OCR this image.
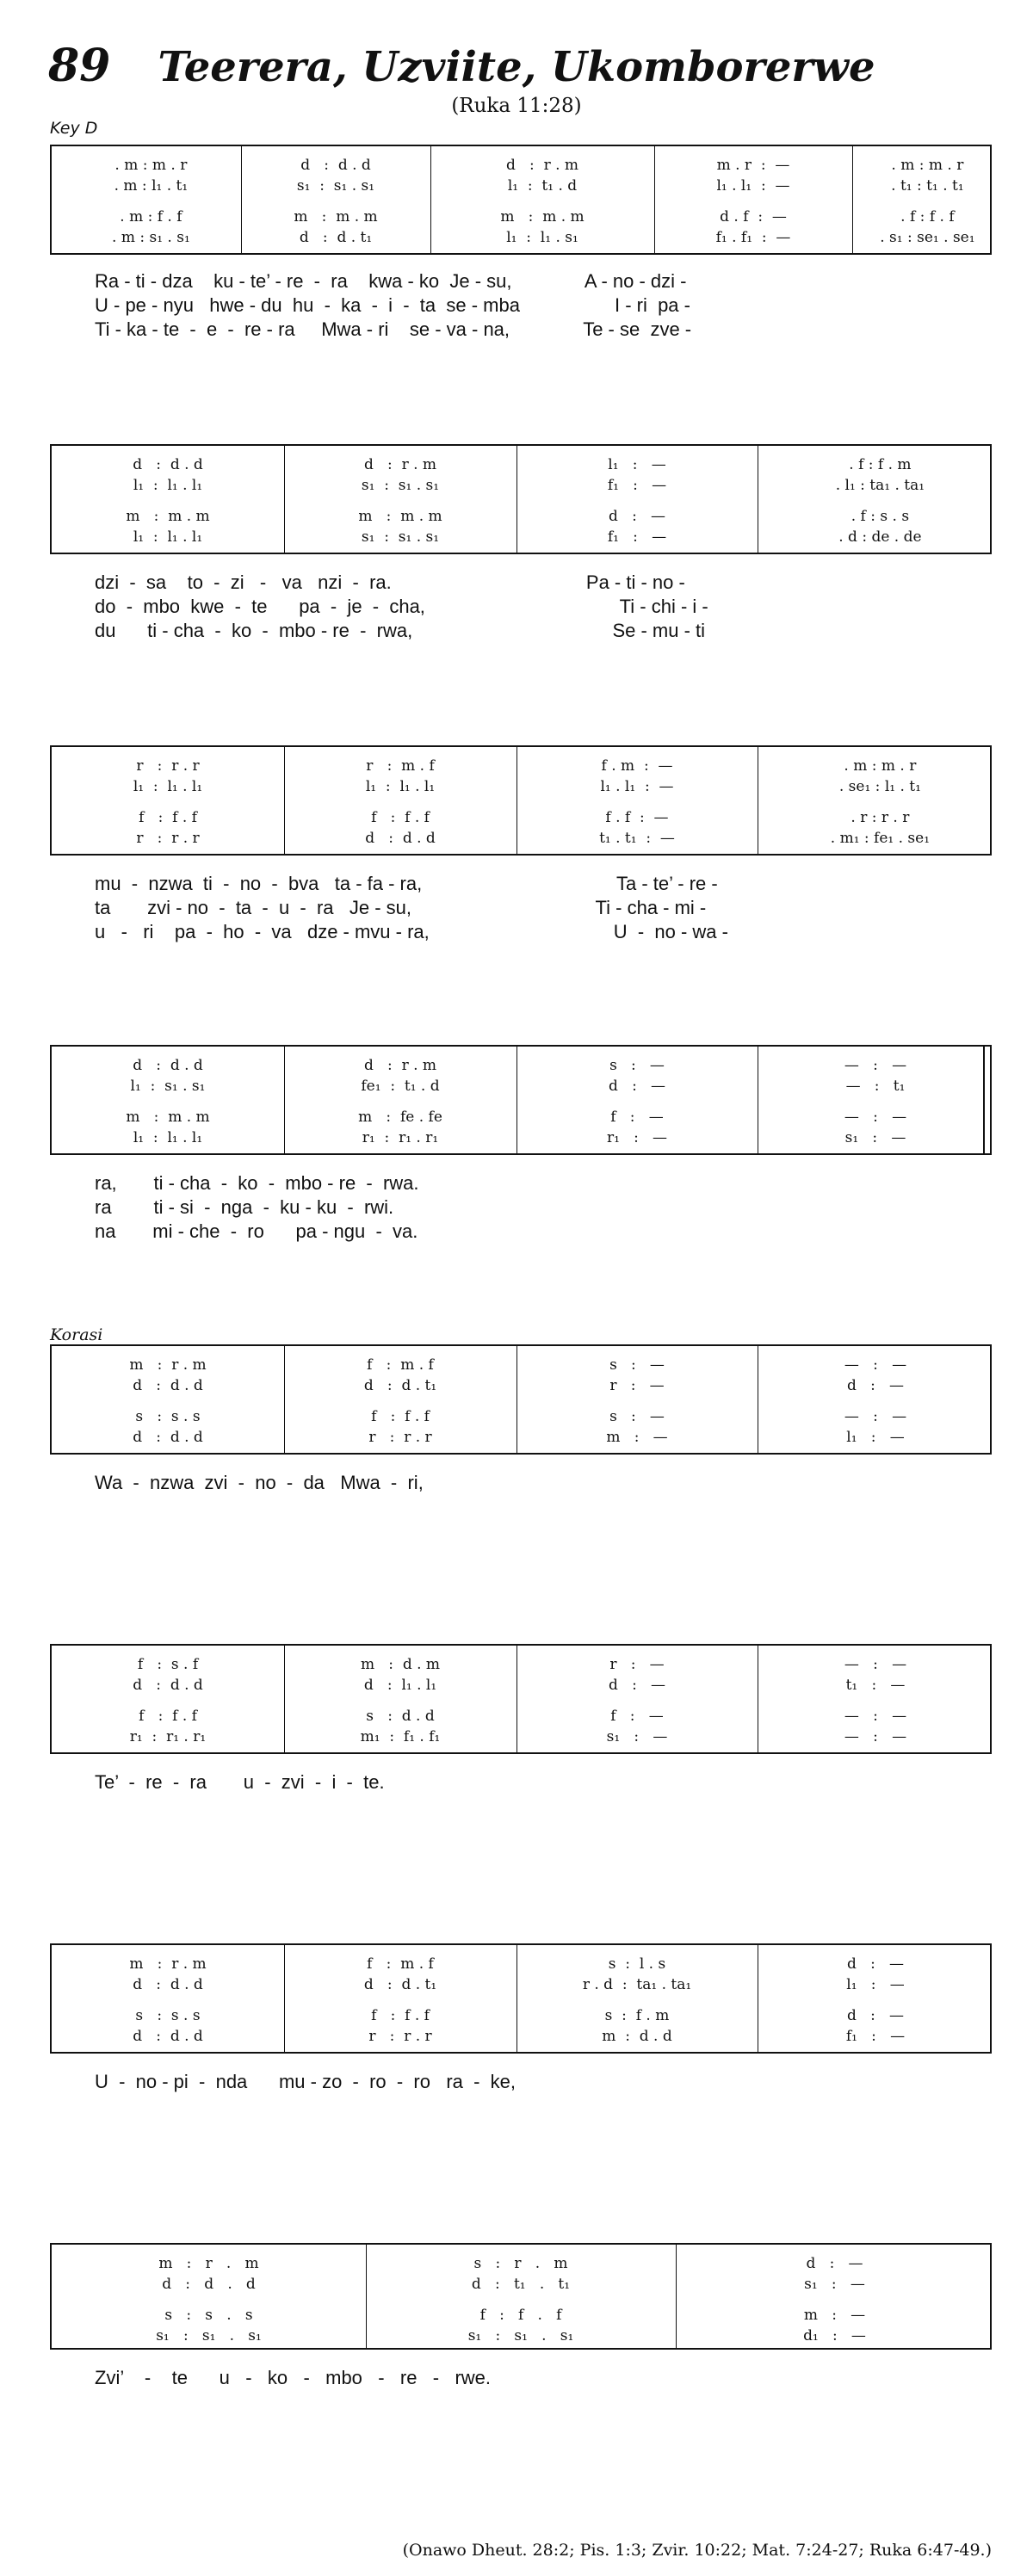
89	Teerera, Uzviite, Ukomborerwe
(Ruka 11:28)
Key D
Korasi
. m : m . r
. m : l₁ . t₁
. m : f . f
. m : s₁ . s₁
d   :  d . d
s₁  :  s₁ . s₁
m   :  m . m
d   :  d . t₁
d   :  r . m
l₁  :  t₁ . d
m   :  m . m
l₁  :  l₁ . s₁
m . r  :  —
l₁ . l₁  :  —
d . f  :  —
f₁ . f₁  :  —
. m : m . r
. t₁ : t₁ . t₁
. f : f . f
. s₁ : se₁ . se₁
Ra - ti - dza    ku - te’ - re  -  ra    kwa - ko  Je - su,              A - no - dzi -
U - pe - nyu   hwe - du  hu  -  ka  -  i  -  ta  se - mba                  I - ri  pa -
Ti - ka - te  -  e  -  re - ra     Mwa - ri    se - va - na,              Te - se  zve -
d   :  d . d
l₁  :  l₁ . l₁
m   :  m . m
l₁  :  l₁ . l₁
d   :  r . m
s₁  :  s₁ . s₁
m   :  m . m
s₁  :  s₁ . s₁
l₁   :   —
f₁   :   —
d   :   —
f₁   :   —
. f : f . m
. l₁ : ta₁ . ta₁
. f : s . s
. d : de . de
dzi  -  sa    to  -  zi   -   va   nzi  -  ra.                                     Pa - ti - no -
do  -  mbo  kwe  -  te      pa  -  je  -  cha,                                     Ti - chi - i -
du      ti - cha  -  ko  -  mbo - re  -  rwa,                                      Se - mu - ti
r   :  r . r
l₁  :  l₁ . l₁
f   :  f . f
r   :  r . r
r   :  m . f
l₁  :  l₁ . l₁
f   :  f . f
d   :  d . d
f . m  :  —
l₁ . l₁  :  —
f . f  :  —
t₁ . t₁  :  —
. m : m . r
. se₁ : l₁ . t₁
. r : r . r
. m₁ : fe₁ . se₁
mu  -  nzwa  ti  -  no  -  bva   ta - fa - ra,                                     Ta - te’ - re -
ta       zvi - no  -  ta  -  u  -  ra   Je - su,                                   Ti - cha - mi -
u   -   ri    pa  -  ho  -  va   dze - mvu - ra,                                   U  -  no - wa -
d   :  d . d
l₁  :  s₁ . s₁
m   :  m . m
l₁  :  l₁ . l₁
d   :  r . m
fe₁  :  t₁ . d
m   :  fe . fe
r₁  :  r₁ . r₁
s   :   —
d   :   —
f   :   —
r₁   :   —
—   :   —
—   :   t₁
—   :   —
s₁   :   —
ra,       ti - cha  -  ko  -  mbo - re  -  rwa.
ra        ti - si  -  nga  -  ku - ku  -  rwi.
na       mi - che  -  ro      pa - ngu  -  va.
m   :  r . m
d   :  d . d
s   :  s . s
d   :  d . d
f   :  m . f
d   :  d . t₁
f   :  f . f
r   :  r . r
s   :   —
r   :   —
s   :   —
m   :   —
—   :   —
d   :   —
—   :   —
l₁   :   —
Wa  -  nzwa  zvi  -  no  -  da   Mwa  -  ri,
f   :  s . f
d   :  d . d
f   :  f . f
r₁  :  r₁ . r₁
m   :  d . m
d   :  l₁ . l₁
s   :  d . d
m₁  :  f₁ . f₁
r   :   —
d   :   —
f   :   —
s₁   :   —
—   :   —
t₁   :   —
—   :   —
—   :   —
Te’  -  re  -  ra       u  -  zvi  -  i  -  te.
m   :  r . m
d   :  d . d
s   :  s . s
d   :  d . d
f   :  m . f
d   :  d . t₁
f   :  f . f
r   :  r . r
s  :  l . s
r . d  :  ta₁ . ta₁
s  :  f . m
m  :  d . d
d   :   —
l₁   :   —
d   :   —
f₁   :   —
U  -  no - pi  -  nda      mu - zo  -  ro  -  ro   ra  -  ke,
m   :   r   .   m
d   :   d   .   d
s   :   s   .   s
s₁   :   s₁   .   s₁
s   :   r   .   m
d   :   t₁   .   t₁
f   :   f   .   f
s₁   :   s₁   .   s₁
d   :   —
s₁   :   —
m   :   —
d₁   :   —
Zvi’    -    te      u   -   ko   -   mbo   -   re   -   rwe.
(Onawo Dheut. 28:2; Pis. 1:3; Zvir. 10:22; Mat. 7:24-27; Ruka 6:47-49.)
